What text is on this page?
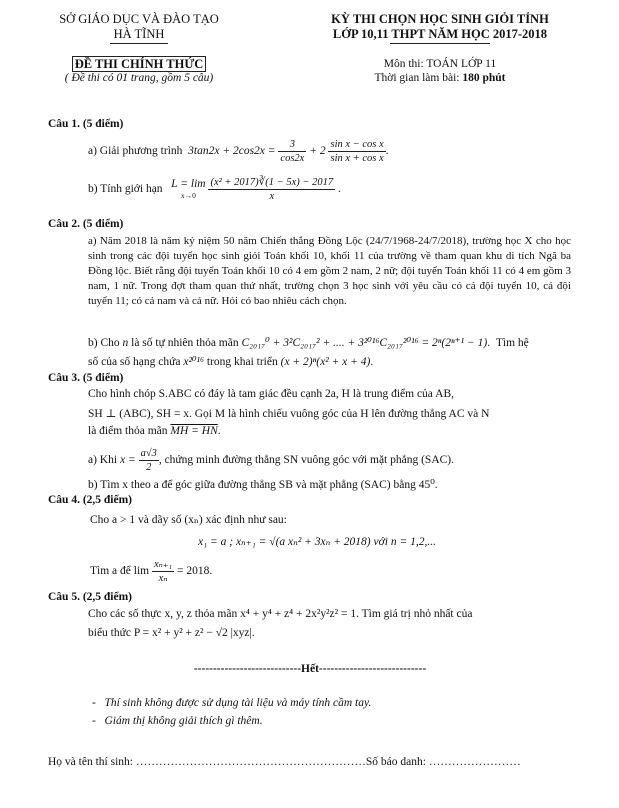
SỞ GIÁO DỤC VÀ ĐÀO TẠO
HÀ TĨNH
KỲ THI CHỌN HỌC SINH GIỎI TỈNH
LỚP 10,11 THPT NĂM HỌC 2017-2018
ĐỀ THI CHÍNH THỨC
( Đề thi có 01 trang, gồm 5 câu)
Môn thi: TOÁN LỚP 11
Thời gian làm bài: 180 phút
Câu 1. (5 điểm)
a) Giải phương trình $3\tan 2x + 2\cos 2x = \frac{3}{\cos 2x} + 2 \frac{\text{sin x − cos x}}{\text{sin x + cos x}}$ .
b) Tính giới hạn L = lim
$x\to 0 \frac{\text{(x² + 2017)∛(1 − 5x) − 2017}}{x}$ .
Câu 2. (5 điểm)
a) Năm 2018 là năm kỷ niệm 50 năm Chiến thắng Đồng Lộc (24/7/1968-24/7/2018), trường học X cho học sinh trong các đội tuyển học sinh giỏi Toán khối 10, khối 11 của trường về tham quan khu di tích Ngã ba Đồng lộc. Biết rằng đội tuyển Toán khối 10 có 4 em gồm 2 nam, 2 nữ; đội tuyển Toán khối 11 có 4 em gồm 3 nam, 1 nữ. Trong đợt tham quan thứ nhất, trường chọn 3 học sinh với yêu cầu có cả đội tuyển 10, cả đội tuyển 11; có cả nam và cả nữ. Hỏi có bao nhiêu cách chọn.
b) Cho n là số tự nhiên thỏa mãn C₂₀₁₇⁰ + 3²C₂₀₁₇² + .... + 3²⁰¹⁶C₂₀₁₇²⁰¹⁶ = 2ⁿ(2ⁿ⁺¹ − 1).  Tìm hệ
số của số hạng chứa x²⁰¹⁶ trong khai triển (x + 2)ⁿ(x² + x + 4).
Câu 3. (5 điểm)
Cho hình chóp S.ABC có đáy là tam giác đều cạnh 2a, H là trung điểm của AB,
SH ⊥ (ABC), SH = x. Gọi M là hình chiếu vuông góc của H lên đường thẳng AC và N
là điểm thỏa mãn MH = HN.
a) Khi $x = \frac{a√3}{2}$ , chứng minh đường thẳng SN vuông góc với mặt phẳng (SAC).
b) Tìm x theo a để góc giữa đường thẳng SB và mặt phẳng (SAC) bằng 45⁰.
Câu 4. (2,5 điểm)
Cho a > 1 và dãy số (xₙ) xác định như sau:
x₁ = a ; xₙ₊₁ = √(a xₙ² + 3xₙ + 2018) với n = 1,2,...
Tìm a để $\lim \frac{\text{xₙ₊₁}}{\text{xₙ}} = 2018$.
Câu 5. (2,5 điểm)
Cho các số thực x, y, z thỏa mãn x⁴ + y⁴ + z⁴ + 2x²y²z² = 1. Tìm giá trị nhỏ nhất của
biểu thức P = x² + y² + z² − √2 |xyz|.
----------------------------Hết----------------------------
-   Thí sinh không được sử dụng tài liệu và máy tính cầm tay.
-   Giám thị không giải thích gì thêm.
Họ và tên thí sinh: ……………………………………………………Số báo danh: ……………………
